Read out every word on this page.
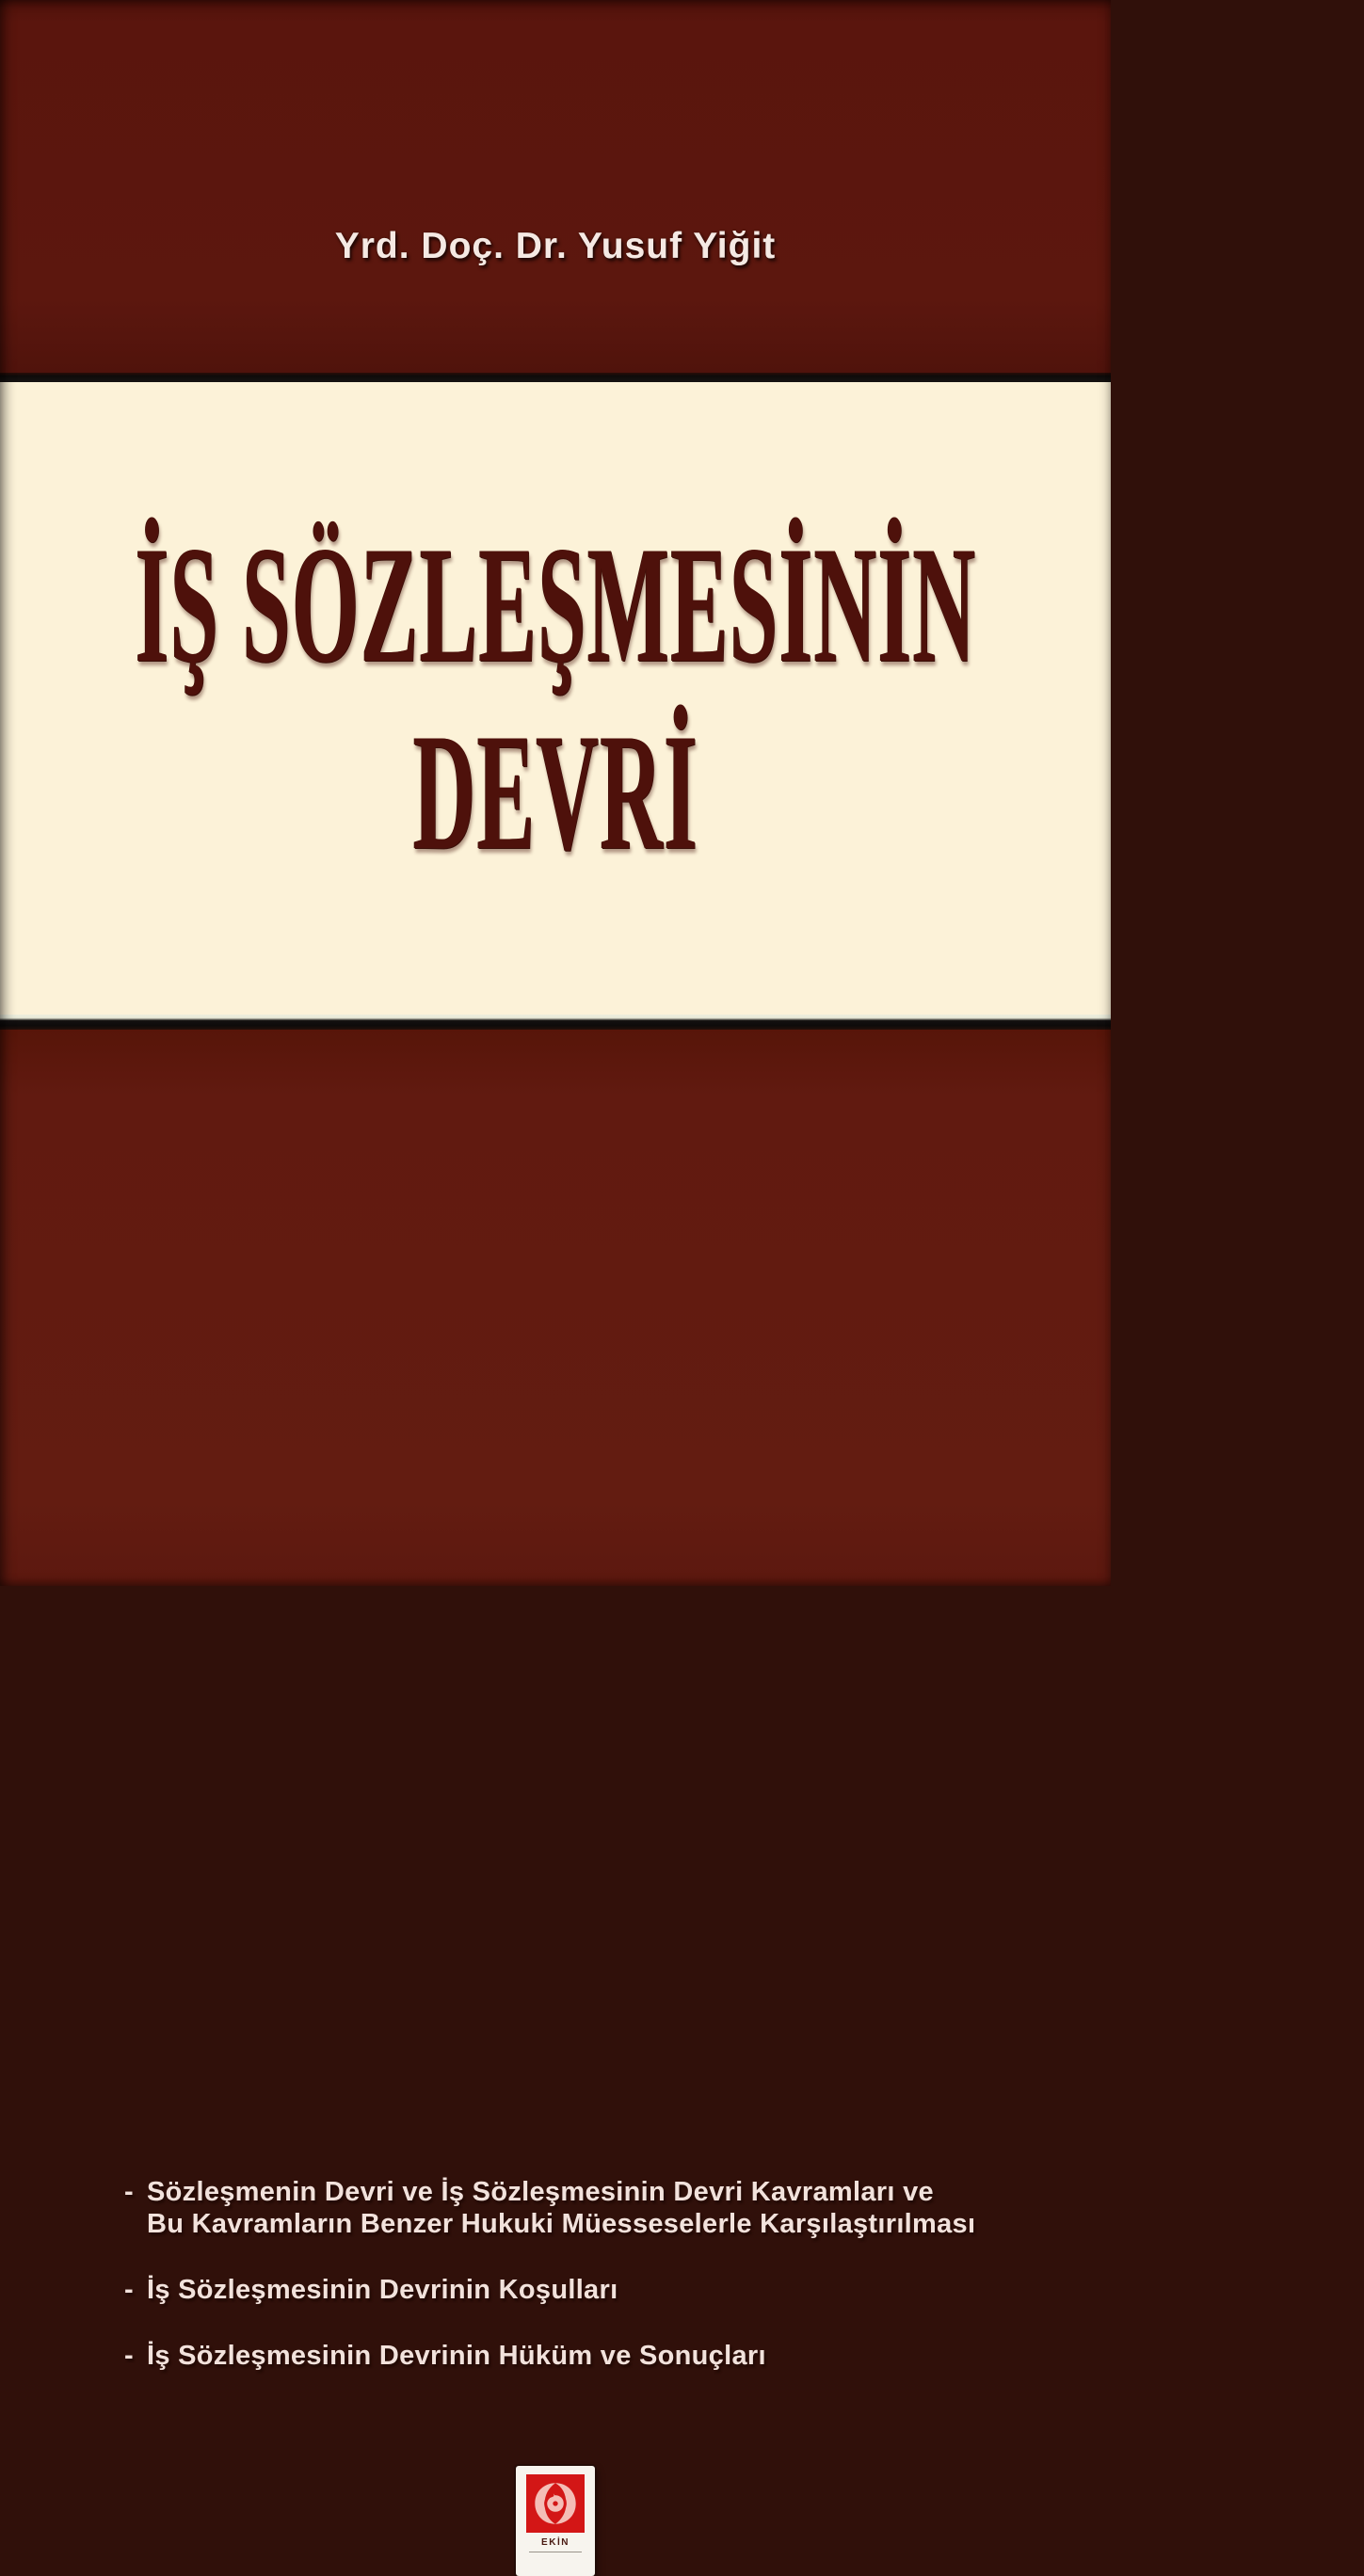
Yrd. Doç. Dr. Yusuf Yiğit
İŞ SÖZLEŞMESİNİN
DEVRİ
- Sözleşmenin Devri ve İş Sözleşmesinin Devri Kavramları ve
Bu Kavramların Benzer Hukuki Müesseselerle Karşılaştırılması

- İş Sözleşmesinin Devrinin Koşulları

- İş Sözleşmesinin Devrinin Hüküm ve Sonuçları

EKİN
